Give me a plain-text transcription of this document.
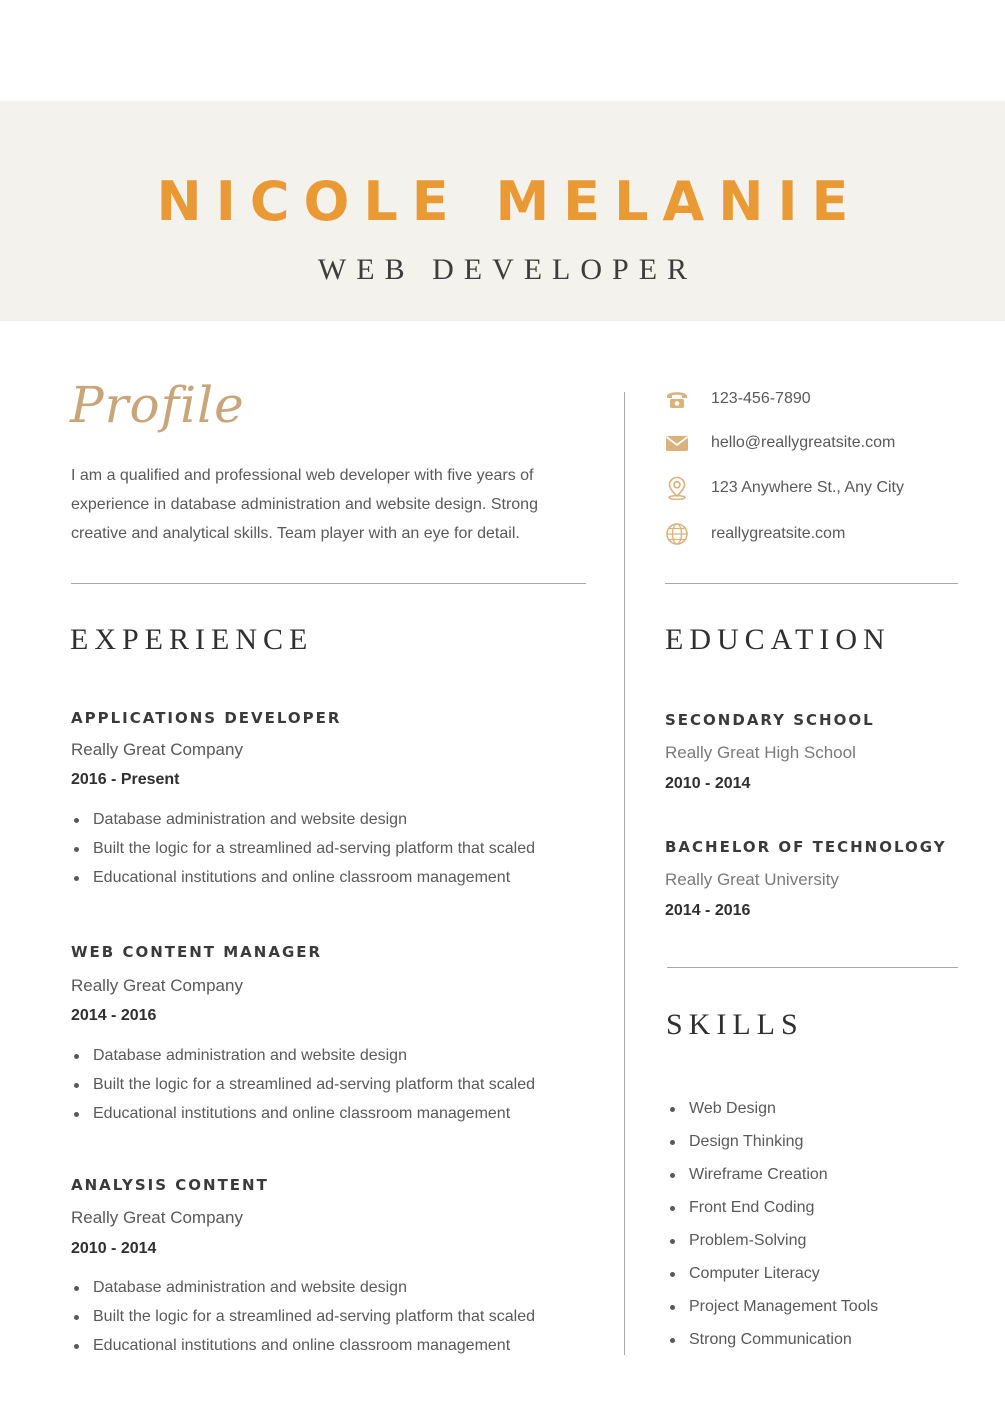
NICOLE MELANIE
WEB DEVELOPER
Profile
I am a qualified and professional web developer with five years of experience in database administration and website design. Strong creative and analytical skills. Team player with an eye for detail.
EXPERIENCE
APPLICATIONS DEVELOPER
Really Great Company
2016 - Present
Database administration and website design
Built the logic for a streamlined ad-serving platform that scaled
Educational institutions and online classroom management
WEB CONTENT MANAGER
Really Great Company
2014 - 2016
Database administration and website design
Built the logic for a streamlined ad-serving platform that scaled
Educational institutions and online classroom management
ANALYSIS CONTENT
Really Great Company
2010 - 2014
Database administration and website design
Built the logic for a streamlined ad-serving platform that scaled
Educational institutions and online classroom management
123-456-7890
hello@reallygreatsite.com
123 Anywhere St., Any City
reallygreatsite.com
EDUCATION
SECONDARY SCHOOL
Really Great High School
2010 - 2014
BACHELOR OF TECHNOLOGY
Really Great University
2014 - 2016
SKILLS
Web Design
Design Thinking
Wireframe Creation
Front End Coding
Problem-Solving
Computer Literacy
Project Management Tools
Strong Communication
